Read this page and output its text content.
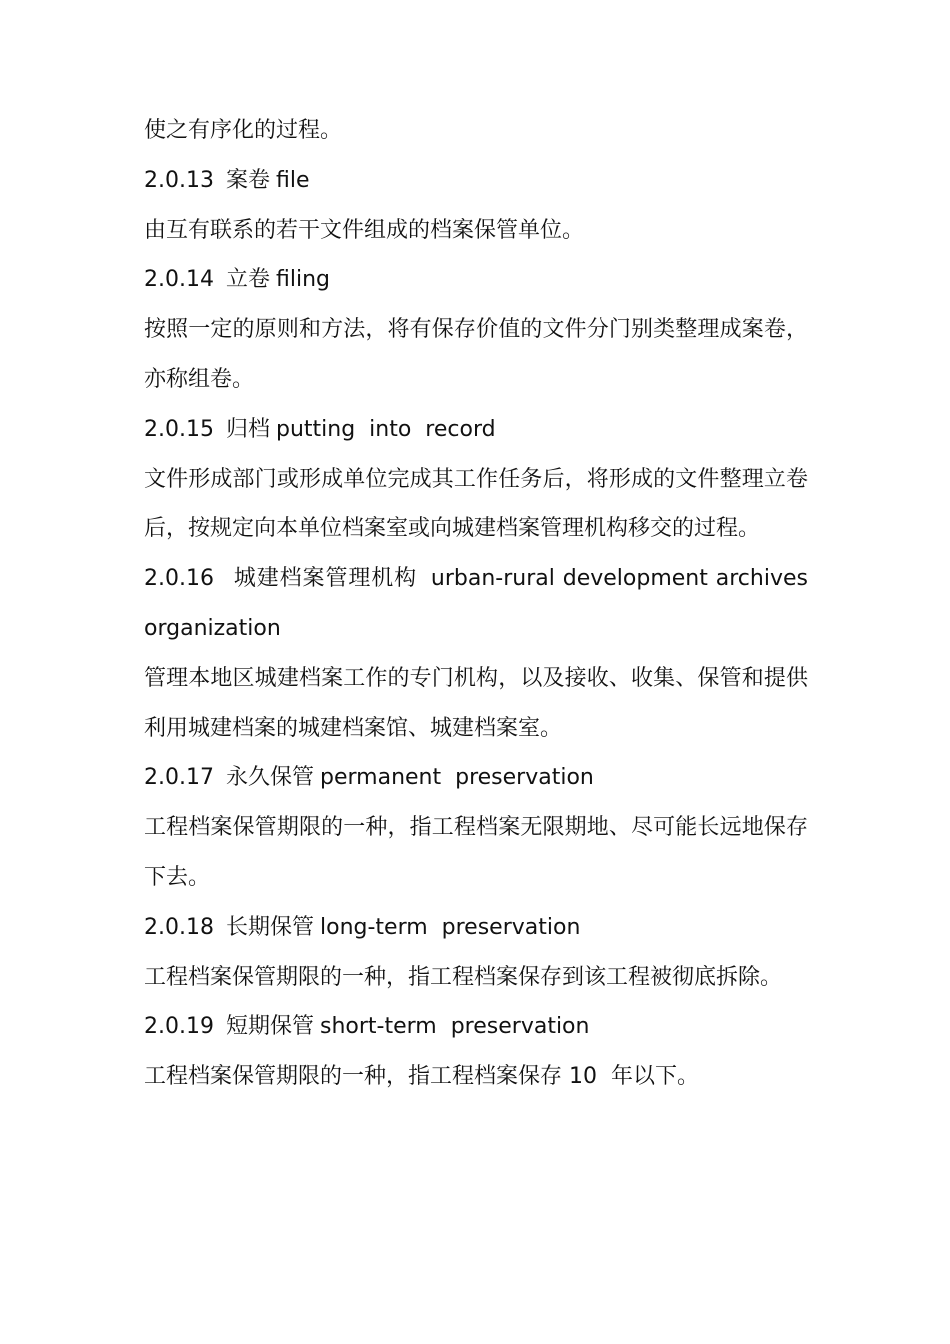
使之有序化的过程。
2.0.13 案卷 file
由互有联系的若干文件组成的档案保管单位。
2.0.14 立卷 filing
按照一定的原则和方法，将有保存价值的文件分门别类整理成案卷，
亦称组卷。
2.0.15 归档 putting  into  record
文件形成部门或形成单位完成其工作任务后，将形成的文件整理立卷
后，按规定向本单位档案室或向城建档案管理机构移交的过程。
2.0.16 城建档案管理机构 urban-rural development archives
organization
管理本地区城建档案工作的专门机构，以及接收、收集、保管和提供
利用城建档案的城建档案馆、城建档案室。
2.0.17 永久保管 permanent  preservation
工程档案保管期限的一种，指工程档案无限期地、尽可能长远地保存
下去。
2.0.18 长期保管 long-term  preservation
工程档案保管期限的一种，指工程档案保存到该工程被彻底拆除。
2.0.19 短期保管 short-term  preservation
工程档案保管期限的一种，指工程档案保存 10  年以下。
